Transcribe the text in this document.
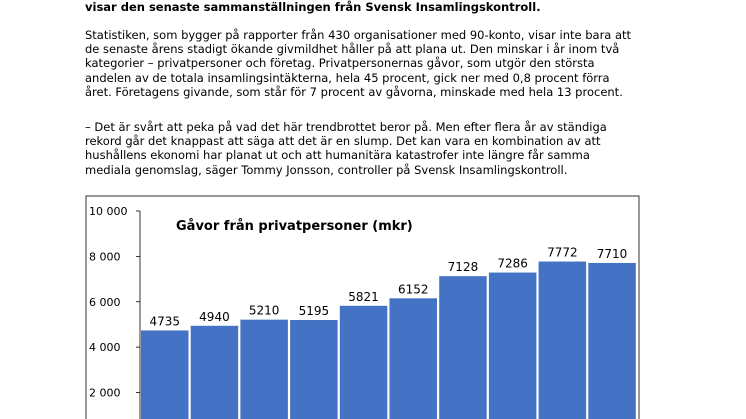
visar den senaste sammanställningen från Svensk Insamlingskontroll.
Statistiken, som bygger på rapporter från 430 organisationer med 90-konto, visar inte bara att
de senaste årens stadigt ökande givmildhet håller på att plana ut. Den minskar i år inom två
kategorier – privatpersoner och företag. Privatpersonernas gåvor, som utgör den största
andelen av de totala insamlingsintäkterna, hela 45 procent, gick ner med 0,8 procent förra
året. Företagens givande, som står för 7 procent av gåvorna, minskade med hela 13 procent.
– Det är svårt att peka på vad det här trendbrottet beror på. Men efter flera år av ständiga
rekord går det knappast att säga att det är en slump. Det kan vara en kombination av att
hushållens ekonomi har planat ut och att humanitära katastrofer inte längre får samma
mediala genomslag, säger Tommy Jonsson, controller på Svensk Insamlingskontroll.
2 000
4 000
6 000
8 000
10 000
4735 4940 5210 5195
5821
6152
7128 7286
7772 7710
Gåvor från privatpersoner (mkr)
